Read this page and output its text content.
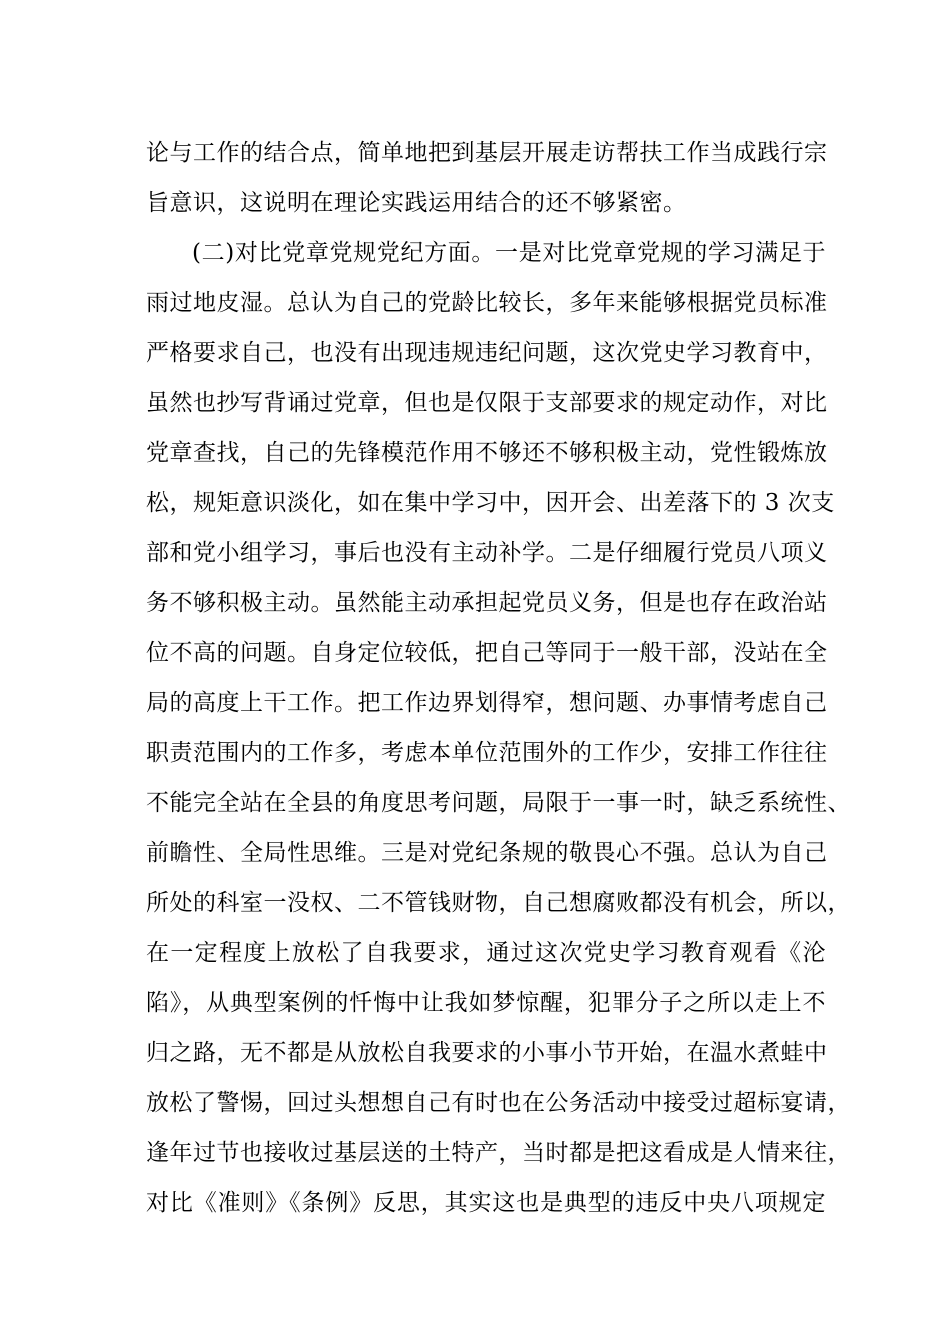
论与工作的结合点，简单地把到基层开展走访帮扶工作当成践行宗
旨意识，这说明在理论实践运用结合的还不够紧密。
(二)对比党章党规党纪方面。一是对比党章党规的学习满足于
雨过地皮湿。总认为自己的党龄比较长，多年来能够根据党员标准
严格要求自己，也没有出现违规违纪问题，这次党史学习教育中，
虽然也抄写背诵过党章，但也是仅限于支部要求的规定动作，对比
党章查找，自己的先锋模范作用不够还不够积极主动，党性锻炼放
松，规矩意识淡化，如在集中学习中，因开会、出差落下的 3 次支
部和党小组学习，事后也没有主动补学。二是仔细履行党员八项义
务不够积极主动。虽然能主动承担起党员义务，但是也存在政治站
位不高的问题。自身定位较低，把自己等同于一般干部，没站在全
局的高度上干工作。把工作边界划得窄，想问题、办事情考虑自己
职责范围内的工作多，考虑本单位范围外的工作少，安排工作往往
不能完全站在全县的角度思考问题，局限于一事一时，缺乏系统性、
前瞻性、全局性思维。三是对党纪条规的敬畏心不强。总认为自己
所处的科室一没权、二不管钱财物，自己想腐败都没有机会，所以，
在一定程度上放松了自我要求，通过这次党史学习教育观看《沦
陷》，从典型案例的忏悔中让我如梦惊醒，犯罪分子之所以走上不
归之路，无不都是从放松自我要求的小事小节开始，在温水煮蛙中
放松了警惕，回过头想想自己有时也在公务活动中接受过超标宴请，
逢年过节也接收过基层送的土特产，当时都是把这看成是人情来往，
对比《准则》《条例》反思，其实这也是典型的违反中央八项规定
